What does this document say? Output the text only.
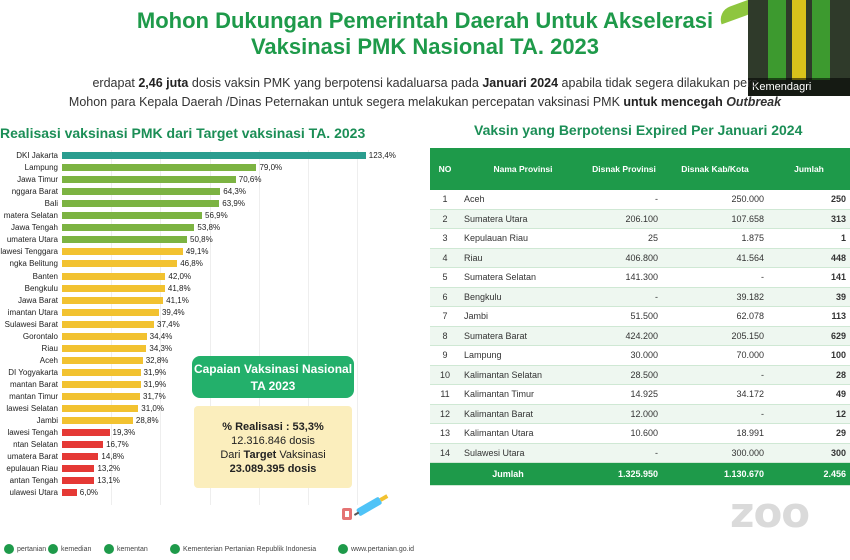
Mohon Dukungan Pemerintah Daerah Untuk Akselerasi
Vaksinasi PMK Nasional TA. 2023
Kemendagri
erdapat 2,46 juta dosis vaksin PMK yang berpotensi kadaluarsa pada Januari 2024 apabila tidak segera dilakukan perc
Mohon para Kepala Daerah /Dinas Peternakan untuk segera melakukan percepatan vaksinasi PMK untuk mencegah Outbreak
Realisasi vaksinasi PMK dari Target vaksinasi TA. 2023	Vaksin yang Berpotensi Expired Per Januari 2024
DKI Jakarta	123,4%
Lampung	79,0%
Jawa Timur	70,6%
nggara Barat	64,3%
Bali	63,9%
matera Selatan	56,9%
Jawa Tengah	53,8%
umatera Utara	50,8%
lawesi Tenggara	49,1%
ngka Belitung	46,8%
Banten	42,0%
Bengkulu	41,8%
Jawa Barat	41,1%
imantan Utara	39,4%
Sulawesi Barat	37,4%
Gorontalo	34,4%
Riau	34,3%
Aceh	32,8%
DI Yogyakarta	31,9%
mantan Barat	31,9%
mantan Timur	31,7%
lawesi Selatan	31,0%
Jambi	28,8%
lawesi Tengah	19,3%
ntan Selatan	16,7%
umatera Barat	14,8%
epulauan Riau	13,2%
antan Tengah	13,1%
ulawesi Utara	6,0%
Capaian Vaksinasi Nasional TA 2023
% Realisasi : 53,3%
12.316.846 dosis
Dari Target Vaksinasi
23.089.395 dosis
NO	Nama Provinsi	Disnak Provinsi	Disnak Kab/Kota	Jumlah
1	Aceh	-	250.000	250
2	Sumatera Utara	206.100	107.658	313
3	Kepulauan Riau	25	1.875	1
4	Riau	406.800	41.564	448
5	Sumatera Selatan	141.300	-	141
6	Bengkulu	-	39.182	39
7	Jambi	51.500	62.078	113
8	Sumatera Barat	424.200	205.150	629
9	Lampung	30.000	70.000	100
10	Kalimantan Selatan	28.500	-	28
11	Kalimantan Timur	14.925	34.172	49
12	Kalimantan Barat	12.000	-	12
13	Kalimantan Utara	10.600	18.991	29
14	Sulawesi Utara	-	300.000	300
Jumlah		1.325.950	1.130.670	2.456
zoo
pertanian	kemedian	kementan	Kementerian Pertanian Republik Indonesia	www.pertanian.go.id
